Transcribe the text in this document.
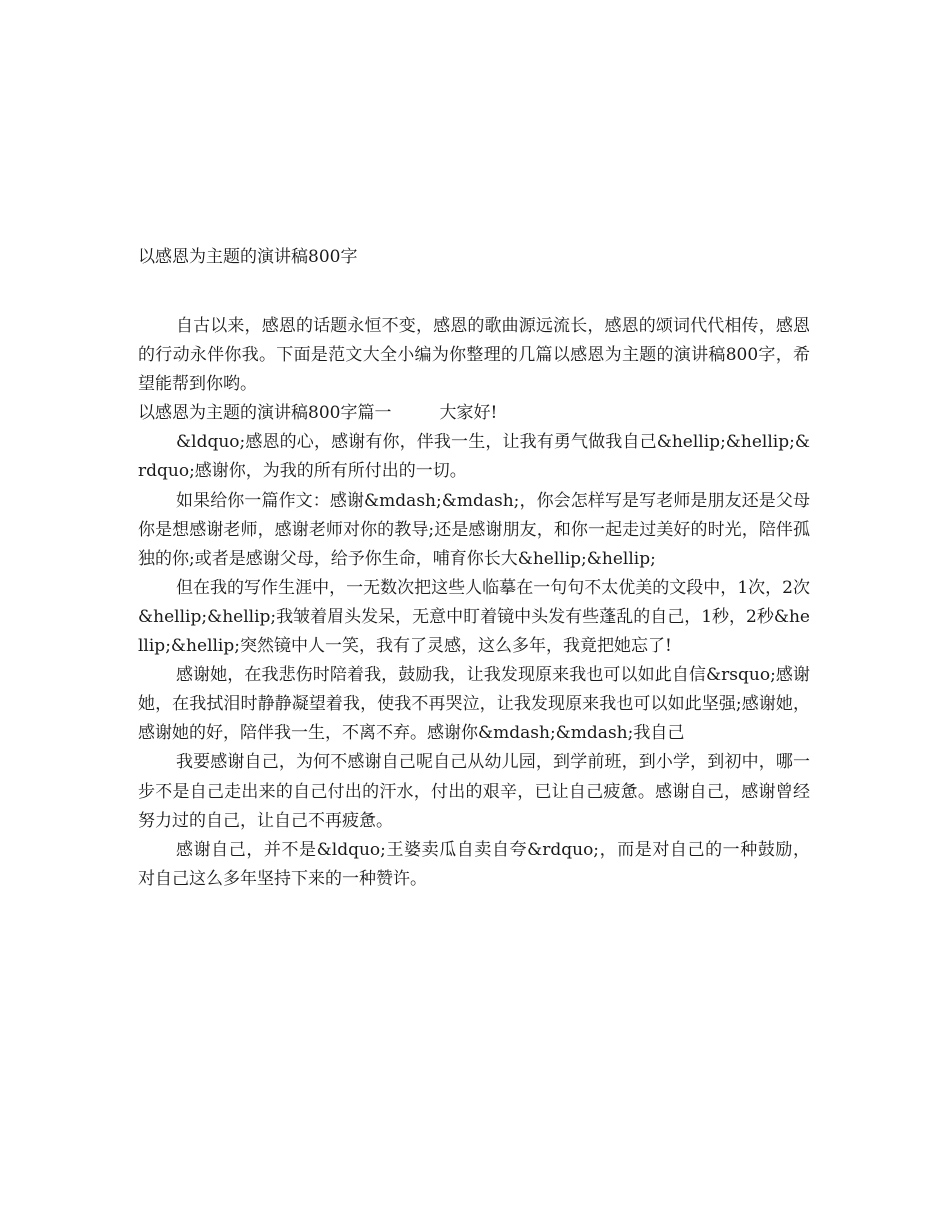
以感恩为主题的演讲稿800字

自古以来，感恩的话题永恒不变，感恩的歌曲源远流长，感恩的颂词代代相传，感恩的行动永伴你我。下面是范文大全小编为你整理的几篇以感恩为主题的演讲稿800字，希望能帮到你哟。

以感恩为主题的演讲稿800字篇一	大家好!

&ldquo;感恩的心，感谢有你，伴我一生，让我有勇气做我自己&hellip;&hellip;&rdquo;感谢你，为我的所有所付出的一切。

如果给你一篇作文：感谢&mdash;&mdash;，你会怎样写是写老师是朋友还是父母你是想感谢老师，感谢老师对你的教导;还是感谢朋友，和你一起走过美好的时光，陪伴孤独的你;或者是感谢父母，给予你生命，哺育你长大&hellip;&hellip;

但在我的写作生涯中，一无数次把这些人临摹在一句句不太优美的文段中，1次，2次&hellip;&hellip;我皱着眉头发呆，无意中盯着镜中头发有些蓬乱的自己，1秒，2秒&hellip;&hellip;突然镜中人一笑，我有了灵感，这么多年，我竟把她忘了!

感谢她，在我悲伤时陪着我，鼓励我，让我发现原来我也可以如此自信&rsquo;感谢她，在我拭泪时静静凝望着我，使我不再哭泣，让我发现原来我也可以如此坚强;感谢她，感谢她的好，陪伴我一生，不离不弃。感谢你&mdash;&mdash;我自己

我要感谢自己，为何不感谢自己呢自己从幼儿园，到学前班，到小学，到初中，哪一步不是自己走出来的自己付出的汗水，付出的艰辛，已让自己疲惫。感谢自己，感谢曾经努力过的自己，让自己不再疲惫。

感谢自己，并不是&ldquo;王婆卖瓜自卖自夸&rdquo;，而是对自己的一种鼓励，对自己这么多年坚持下来的一种赞许。
